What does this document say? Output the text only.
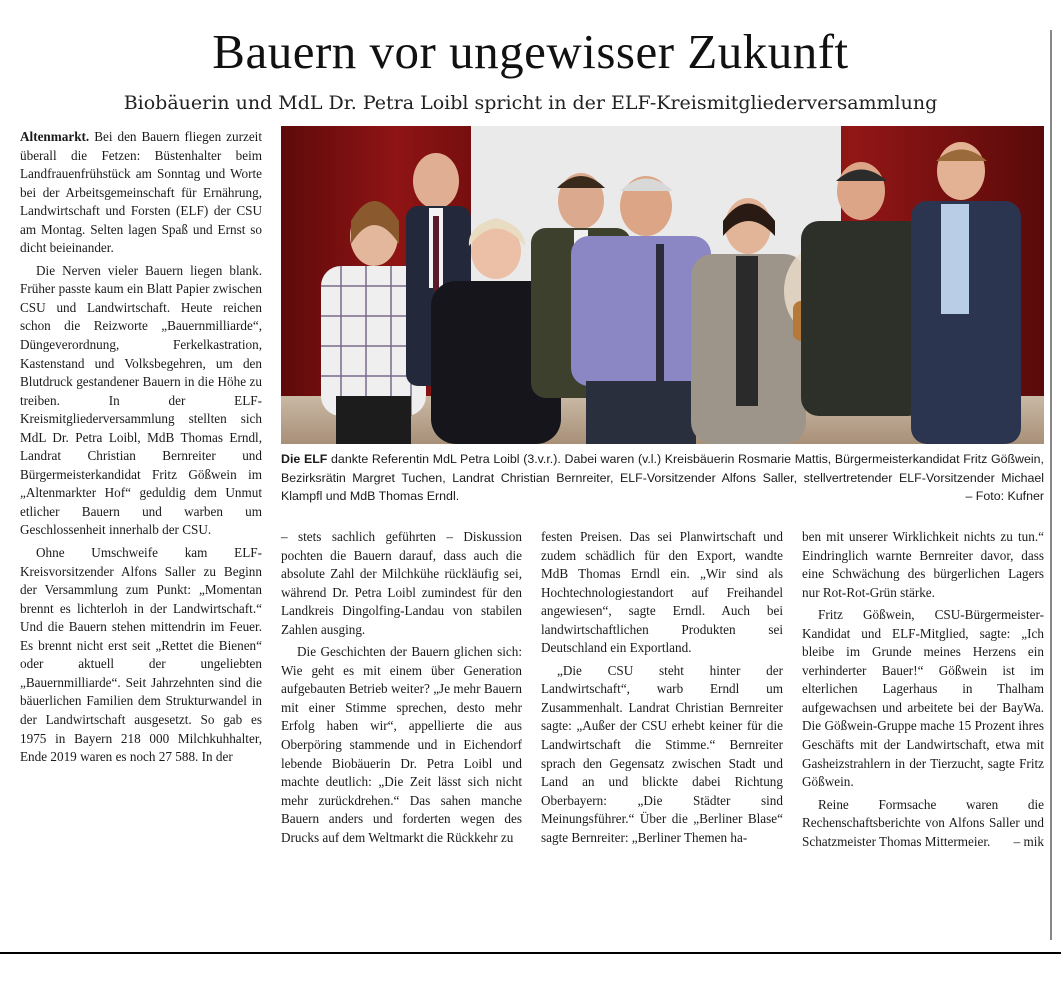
Bauern vor ungewisser Zukunft
Biobäuerin und MdL Dr. Petra Loibl spricht in der ELF-Kreismitgliederversammlung

Altenmarkt. Bei den Bauern fliegen zurzeit überall die Fetzen: Büstenhalter beim Landfrauenfrühstück am Sonntag und Worte bei der Arbeitsgemeinschaft für Ernährung, Landwirtschaft und Forsten (ELF) der CSU am Montag. Selten lagen Spaß und Ernst so dicht beieinander.

Die Nerven vieler Bauern liegen blank. Früher passte kaum ein Blatt Papier zwischen CSU und Landwirtschaft. Heute reichen schon die Reizworte „Bauernmilliarde“, Düngeverordnung, Ferkelkastration, Kastenstand und Volksbegehren, um den Blutdruck gestandener Bauern in die Höhe zu treiben. In der ELF-Kreismitgliederversammlung stellten sich MdL Dr. Petra Loibl, MdB Thomas Erndl, Landrat Christian Bernreiter und Bürgermeisterkandidat Fritz Gößwein im „Altenmarkter Hof“ geduldig dem Unmut etlicher Bauern und warben um Geschlossenheit innerhalb der CSU.

Ohne Umschweife kam ELF-Kreisvorsitzender Alfons Saller zu Beginn der Versammlung zum Punkt: „Momentan brennt es lichterloh in der Landwirtschaft.“ Und die Bauern stehen mittendrin im Feuer. Es brennt nicht erst seit „Rettet die Bienen“ oder aktuell der ungeliebten „Bauernmilliarde“. Seit Jahrzehnten sind die bäuerlichen Familien dem Strukturwandel in der Landwirtschaft ausgesetzt. So gab es 1975 in Bayern 218 000 Milchkuhhalter, Ende 2019 waren es noch 27 588. In der

Die ELF dankte Referentin MdL Petra Loibl (3.v.r.). Dabei waren (v.l.) Kreisbäuerin Rosmarie Mattis, Bürgermeisterkandidat Fritz Gößwein, Bezirksrätin Margret Tuchen, Landrat Christian Bernreiter, ELF-Vorsitzender Alfons Saller, stellvertretender ELF-Vorsitzender Michael Klampfl und MdB Thomas Erndl.	– Foto: Kufner

– stets sachlich geführten – Diskussion pochten die Bauern darauf, dass auch die absolute Zahl der Milchkühe rückläufig sei, während Dr. Petra Loibl zumindest für den Landkreis Dingolfing-Landau von stabilen Zahlen ausging.

Die Geschichten der Bauern glichen sich: Wie geht es mit einem über Generation aufgebauten Betrieb weiter? „Je mehr Bauern mit einer Stimme sprechen, desto mehr Erfolg haben wir“, appellierte die aus Oberpöring stammende und in Eichendorf lebende Biobäuerin Dr. Petra Loibl und machte deutlich: „Die Zeit lässt sich nicht mehr zurückdrehen.“ Das sahen manche Bauern anders und forderten wegen des Drucks auf dem Weltmarkt die Rückkehr zu

festen Preisen. Das sei Planwirtschaft und zudem schädlich für den Export, wandte MdB Thomas Erndl ein. „Wir sind als Hochtechnologiestandort auf Freihandel angewiesen“, sagte Erndl. Auch bei landwirtschaftlichen Produkten sei Deutschland ein Exportland.

„Die CSU steht hinter der Landwirtschaft“, warb Erndl um Zusammenhalt. Landrat Christian Bernreiter sagte: „Außer der CSU erhebt keiner für die Landwirtschaft die Stimme.“ Bernreiter sprach den Gegensatz zwischen Stadt und Land an und blickte dabei Richtung Oberbayern: „Die Städter sind Meinungsführer.“ Über die „Berliner Blase“ sagte Bernreiter: „Berliner Themen ha-

ben mit unserer Wirklichkeit nichts zu tun.“ Eindringlich warnte Bernreiter davor, dass eine Schwächung des bürgerlichen Lagers nur Rot-Rot-Grün stärke.

Fritz Gößwein, CSU-Bürgermeister-Kandidat und ELF-Mitglied, sagte: „Ich bleibe im Grunde meines Herzens ein verhinderter Bauer!“ Gößwein ist im elterlichen Lagerhaus in Thalham aufgewachsen und arbeitete bei der BayWa. Die Gößwein-Gruppe mache 15 Prozent ihres Geschäfts mit der Landwirtschaft, etwa mit Gasheizstrahlern in der Tierzucht, sagte Fritz Gößwein.

Reine Formsache waren die Rechenschaftsberichte von Alfons Saller und Schatzmeister Thomas Mittermeier.	– mik
